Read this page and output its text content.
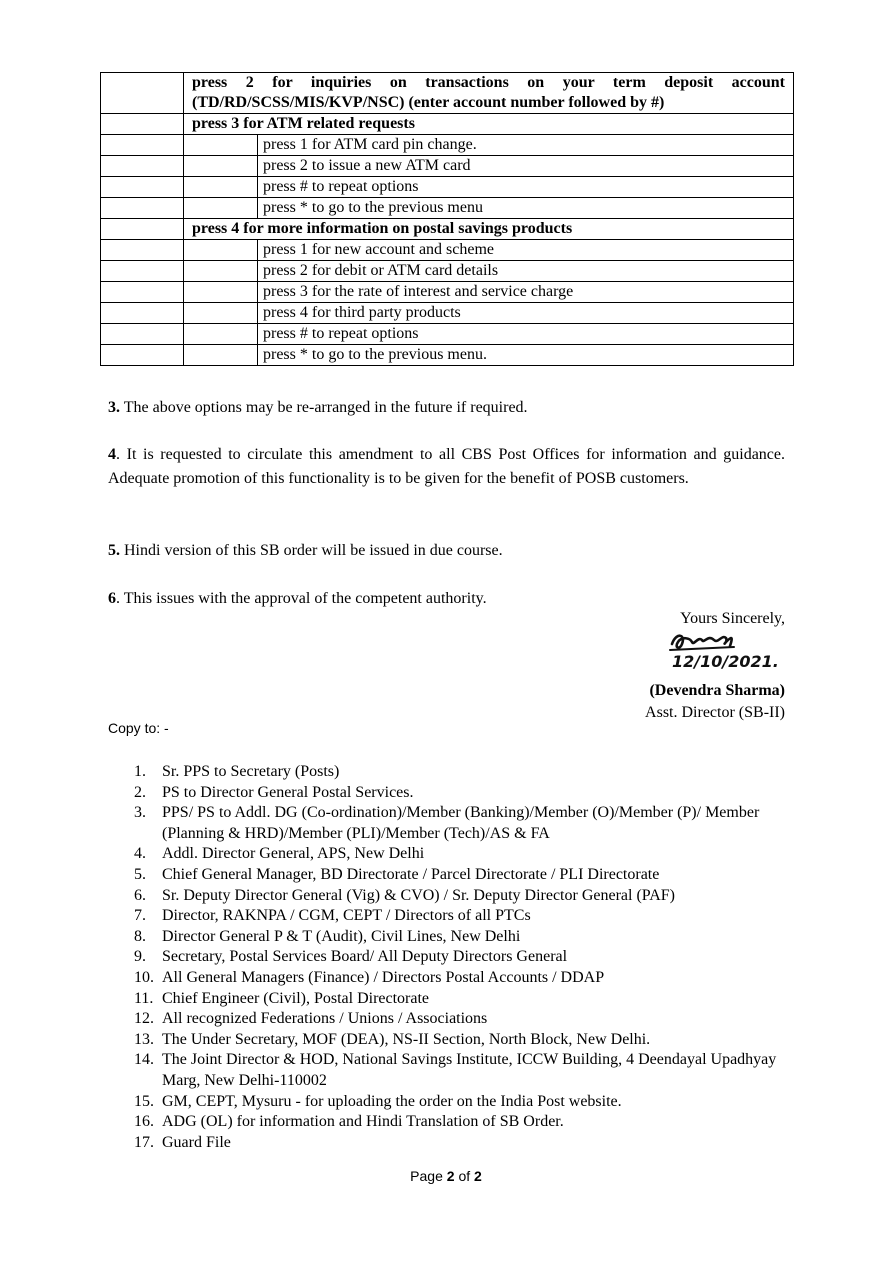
	press 2 for inquiries on transactions on your term deposit account
(TD/RD/SCSS/MIS/KVP/NSC) (enter account number followed by #)	

	press 3 for ATM related requests	
		press 1 for ATM card pin change.
		press 2 to issue a new ATM card
		press # to repeat options
		press * to go to the previous menu
	press 4 for more information on postal savings products	
		press 1 for new account and scheme
		press 2 for debit or ATM card details
		press 3 for the rate of interest and service charge
		press 4 for third party products
		press # to repeat options
		press * to go to the previous menu.
3. The above options may be re-arranged in the future if required.
4. It is requested to circulate this amendment to all CBS Post Offices for information and guidance. Adequate promotion of this functionality is to be given for the benefit of POSB customers.
5. Hindi version of this SB order will be issued in due course.
6. This issues with the approval of the competent authority.
Yours Sincerely,
12/10/2021.
(Devendra Sharma)
Asst. Director (SB-II)
Copy to: -
1.	Sr. PPS to Secretary (Posts)
2.	PS to Director General Postal Services.
3.	PPS/ PS to Addl. DG (Co-ordination)/Member (Banking)/Member (O)/Member (P)/ Member (Planning & HRD)/Member (PLI)/Member (Tech)/AS & FA
4.	Addl. Director General, APS, New Delhi
5.	Chief General Manager, BD Directorate / Parcel Directorate / PLI Directorate
6.	Sr. Deputy Director General (Vig) & CVO) / Sr. Deputy Director General (PAF)
7.	Director, RAKNPA / CGM, CEPT / Directors of all PTCs
8.	Director General P & T (Audit), Civil Lines, New Delhi
9.	Secretary, Postal Services Board/ All Deputy Directors General
10. All General Managers (Finance) / Directors Postal Accounts / DDAP
11. Chief Engineer (Civil), Postal Directorate
12. All recognized Federations / Unions / Associations
13. The Under Secretary, MOF (DEA), NS-II Section, North Block, New Delhi.
14. The Joint Director & HOD, National Savings Institute, ICCW Building, 4 Deendayal Upadhyay Marg, New Delhi-110002
15. GM, CEPT, Mysuru - for uploading the order on the India Post website.
16. ADG (OL) for information and Hindi Translation of SB Order.
17. Guard File
Page 2 of 2
